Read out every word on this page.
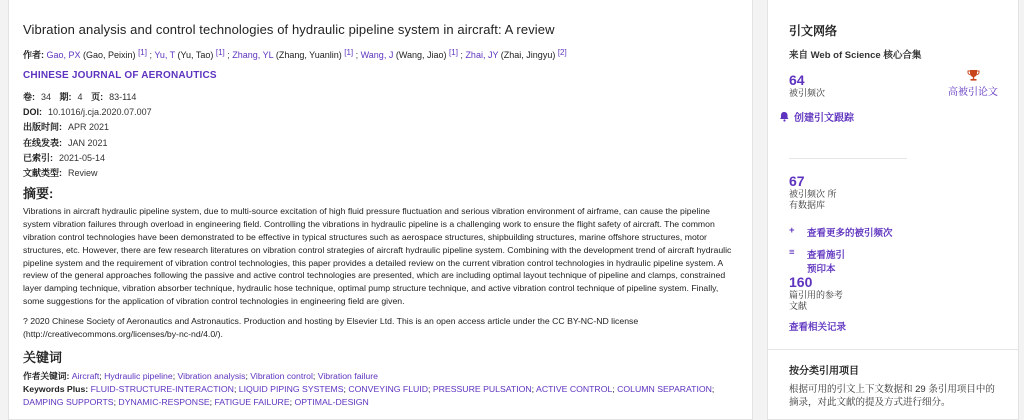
Vibration analysis and control technologies of hydraulic pipeline system in aircraft: A review
作者: Gao, PX (Gao, Peixin) [1] ; Yu, T (Yu, Tao) [1] ; Zhang, YL (Zhang, Yuanlin) [1] ; Wang, J (Wang, Jiao) [1] ; Zhai, JY (Zhai, Jingyu) [2]
CHINESE JOURNAL OF AERONAUTICS
卷: 34 期: 4 页: 83-114
DOI: 10.1016/j.cja.2020.07.007
出版时间: APR 2021
在线发表: JAN 2021
已索引: 2021-05-14
文献类型: Review
摘要:
Vibrations in aircraft hydraulic pipeline system, due to multi-source excitation of high fluid pressure fluctuation and serious vibration environment of airframe, can cause the pipeline system vibration failures through overload in engineering field. Controlling the vibrations in hydraulic pipeline is a challenging work to ensure the flight safety of aircraft. The common vibration control technologies have been demonstrated to be effective in typical structures such as aerospace structures, shipbuilding structures, marine offshore structures, motor structures, etc. However, there are few research literatures on vibration control strategies of aircraft hydraulic pipeline system. Combining with the development trend of aircraft hydraulic pipeline system and the requirement of vibration control technologies, this paper provides a detailed review on the current vibration control technologies in hydraulic pipeline system. A review of the general approaches following the passive and active control technologies are presented, which are including optimal layout technique of pipeline and clamps, constrained layer damping technique, vibration absorber technique, hydraulic hose technique, optimal pump structure technique, and active vibration control technique of pipeline system. Finally, some suggestions for the application of vibration control technologies in engineering field are given.
? 2020 Chinese Society of Aeronautics and Astronautics. Production and hosting by Elsevier Ltd. This is an open access article under the CC BY-NC-ND license (http://creativecommons.org/licenses/by-nc-nd/4.0/).
关键词
作者关键词: Aircraft; Hydraulic pipeline; Vibration analysis; Vibration control; Vibration failure
Keywords Plus: FLUID-STRUCTURE-INTERACTION; LIQUID PIPING SYSTEMS; CONVEYING FLUID; PRESSURE PULSATION; ACTIVE CONTROL; COLUMN SEPARATION; DAMPING SUPPORTS; DYNAMIC-RESPONSE; FATIGUE FAILURE; OPTIMAL-DESIGN
引文网络
来自 Web of Science 核心合集
64
被引频次	高被引论文
创建引文跟踪
67
被引频次 所
有数据库
+	查看更多的被引频次
≡	查看施引
预印本
160
篇引用的参考
文献
查看相关记录
按分类引用项目
根据可用的引文上下文数据和 29 条引用项目中的摘录，对此文献的提及方式进行细分。
